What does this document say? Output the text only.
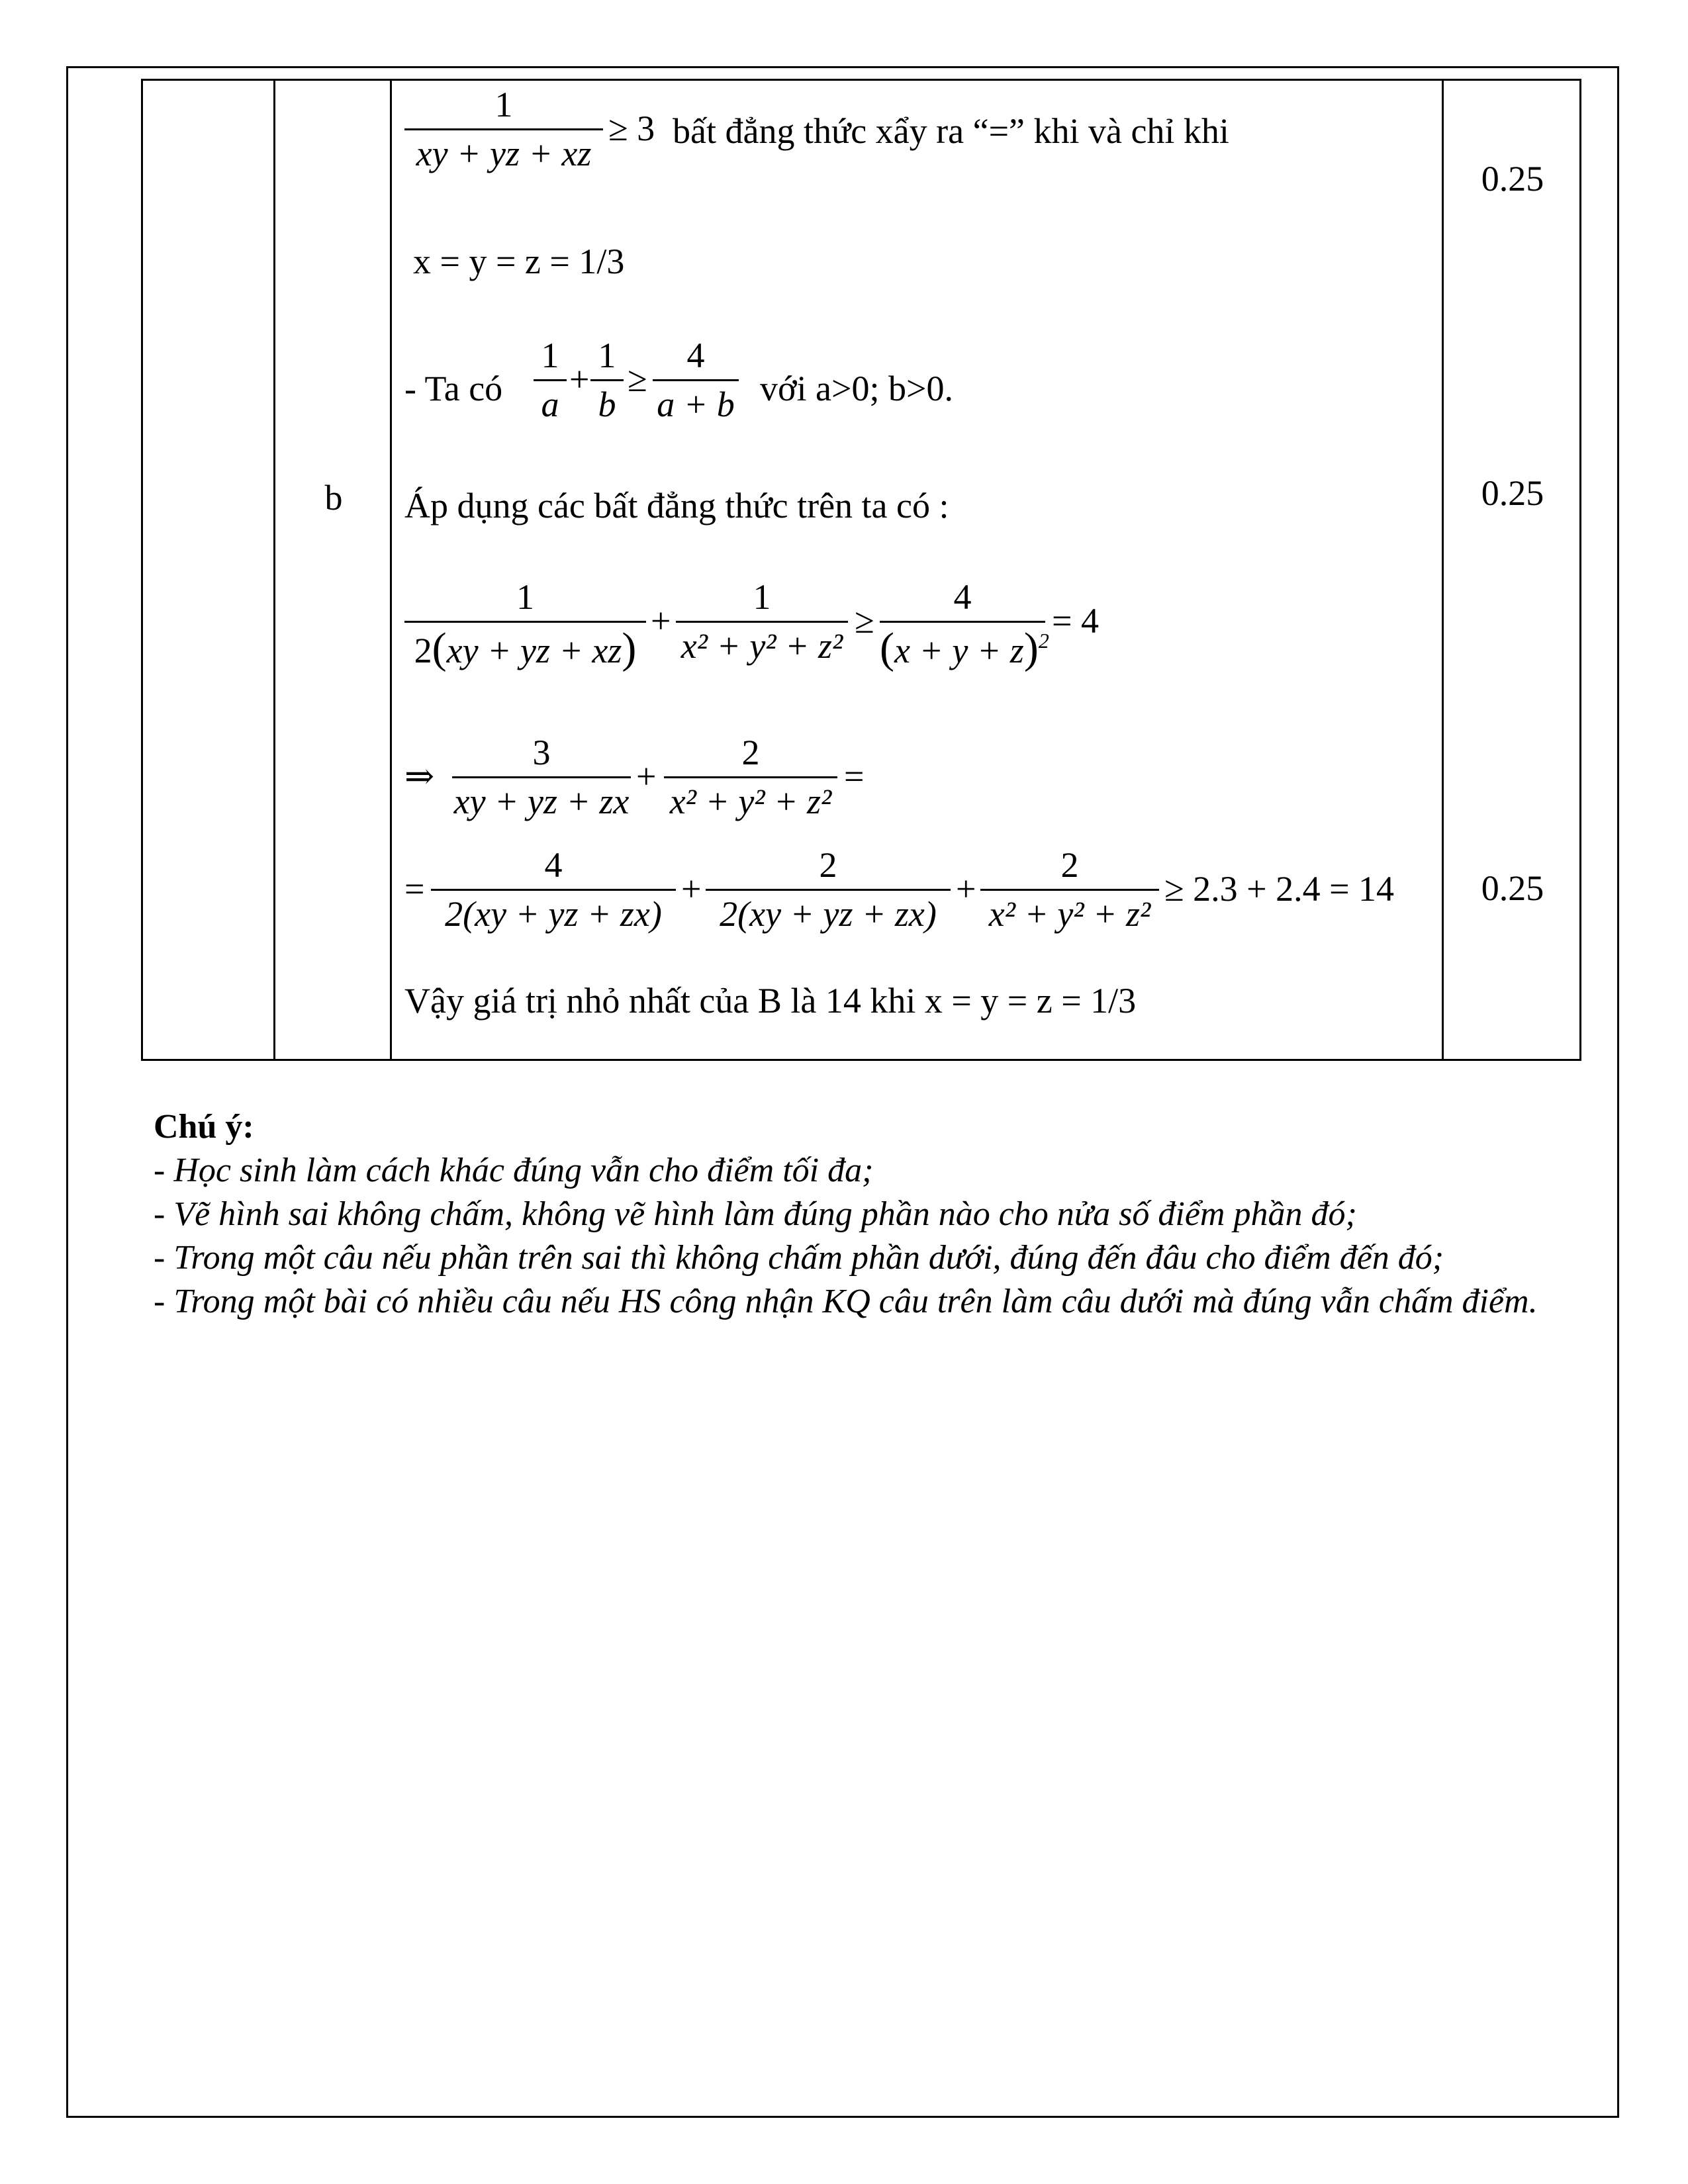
b
1
xy + yz + xz
≥ 3 bất đẳng thức xẩy ra “=” khi và chỉ khi
0.25
x = y = z = 1/3
- Ta có
1
a
+
1
b
≥
4
a + b với a>0; b>0.
Áp dụng các bất đẳng thức trên ta có :	0.25
1
2(xy + yz + xz)
+
1
x² + y² + z²
≥
4
$(x + y + z)^2 = 4$
⇒
3
xy + yz + zx
+
2
x² + y² + z²
=
=
4
2(xy + yz + zx)
+
2
2(xy + yz + zx)
+
2
x² + y² + z²
≥ 2.3 + 2.4 = 14	0.25
Vậy giá trị nhỏ nhất của B là 14 khi x = y = z = 1/3
Chú ý:
- Học sinh làm cách khác đúng vẫn cho điểm tối đa;
- Vẽ hình sai không chấm, không vẽ hình làm đúng phần nào cho nửa số điểm phần đó;
- Trong một câu nếu phần trên sai thì không chấm phần dưới, đúng đến đâu cho điểm đến đó;
- Trong một bài có nhiều câu nếu HS công nhận KQ câu trên làm câu dưới mà đúng vẫn chấm điểm.
